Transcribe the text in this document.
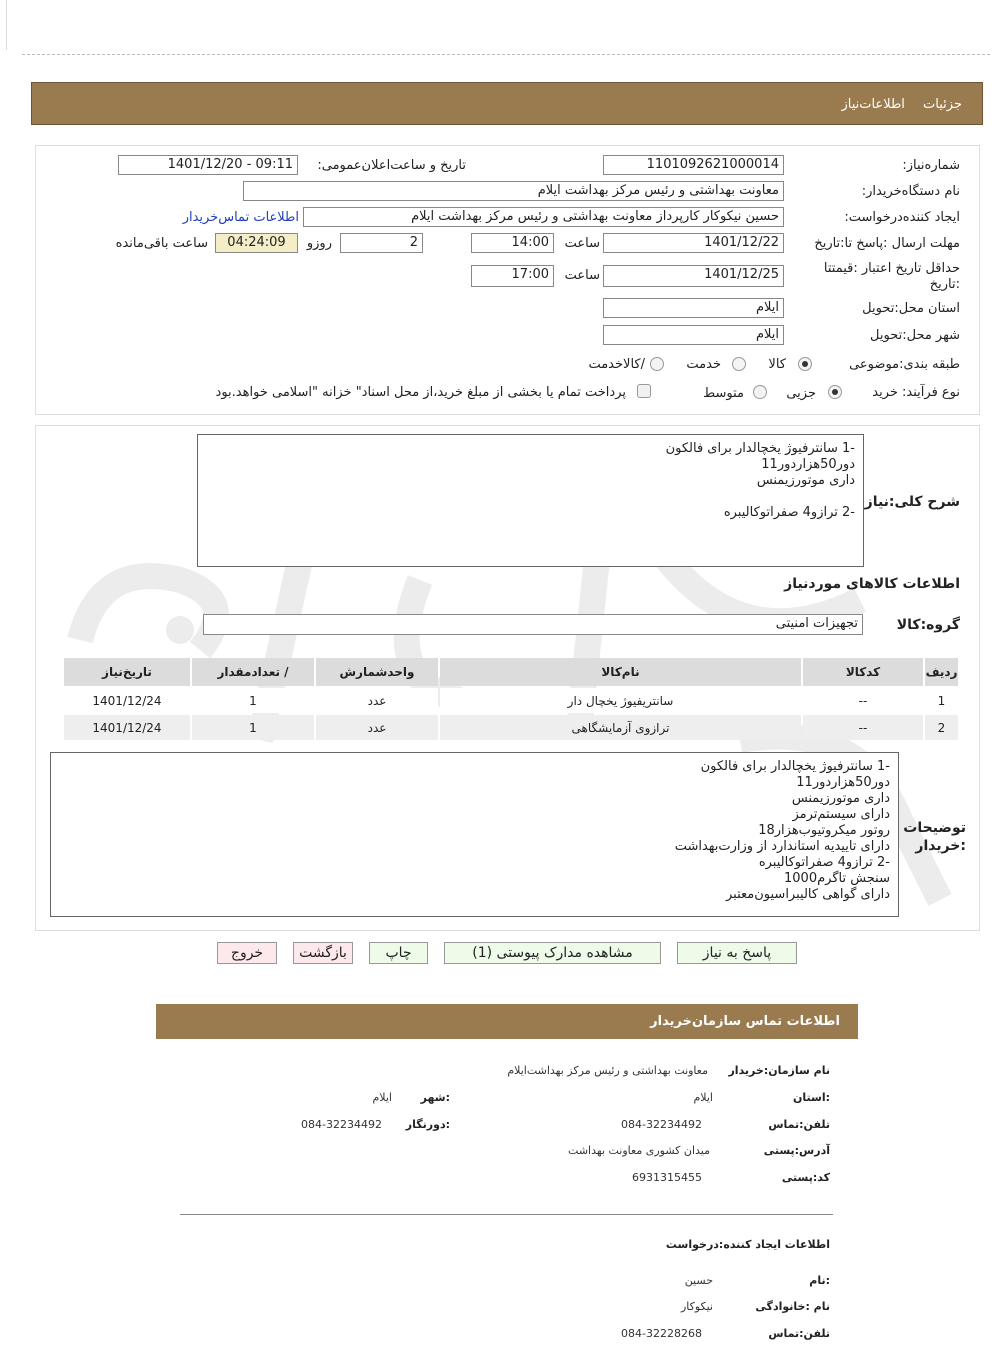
جزئیات اطلاعات‌نیاز
شماره‌نیاز:
1101092621000014
تاریخ و ساعت‌اعلان‌عمومی:
1401/12/20 - 09:11
نام دستگاه‌خریدار:
معاونت بهداشتی و رئیس مرکز بهداشت ایلام
ایجاد کننده‌درخواست:
حسین نیکوکار کارپرداز معاونت بهداشتی و رئیس مرکز بهداشت ایلام
اطلاعات تماس‌خریدار
مهلت ارسال :پاسخ تا:تاریخ
1401/12/22
ساعت
14:00
2
روزو
04:24:09
ساعت باقی‌مانده
حداقل تاریخ اعتبار :قیمتتا
:تاریخ
1401/12/25
ساعت
17:00
استان محل:تحویل
ایلام
شهر محل:تحویل
ایلام
طبقه بندی:موضوعی
کالا
خدمت
/کالاخدمت
نوع فرآیند: خرید
جزیی
متوسط
پرداخت تمام یا بخشی از مبلغ خرید،از محل اسناد" خزانه "اسلامی خواهد.بود
شرح کلی:نیاز
-1 سانترفیوژ یخچالدار برای فالکون
دور50هزاردور11
داری موتورزیمنس

-2 ترازو4 صفراتوکالیبره
اطلاعات کالاهای موردنیاز
گروه:کالا
تجهیزات امنیتی
ردیف	کدکالا	نام‌کالا	واحدشمارش	/ تعدادمقدار	تاریخ‌نیاز
1	--	سانتریفیوژ یخچال دار	عدد	1	1401/12/24
2	--	ترازوی آزمایشگاهی	عدد	1	1401/12/24
توضیحات
:خریدار
-1 سانترفیوژ یخچالدار برای فالکون
دور50هزاردور11
داری موتورزیمنس
دارای سیستم‌ترمز
روتور میکروتیوب‌هزار18
دارای تاییدیه استاندارد از وزارت‌بهداشت
-2 ترازو4 صفراتوکالیبره
سنجش تاگرم1000
دارای گواهی کالیبراسیون‌معتبر
پاسخ به نیاز
مشاهده مدارک پیوستی (1)
چاپ
بازگشت
خروج
اطلاعات تماس سازمان‌خریدار
نام سازمان:خریدار
معاونت بهداشتی و رئیس مرکز بهداشت‌ایلام
:استان
ایلام
:شهر
ایلام
تلفن:تماس
084-32234492
:دورنگار
084-32234492
آدرس:پستی
میدان کشوری معاونت بهداشت
کد:پستی
6931315455
اطلاعات ایجاد کننده:درخواست
:نام
حسین
نام :خانوادگی
نیکوکار
تلفن:تماس
084-32228268
